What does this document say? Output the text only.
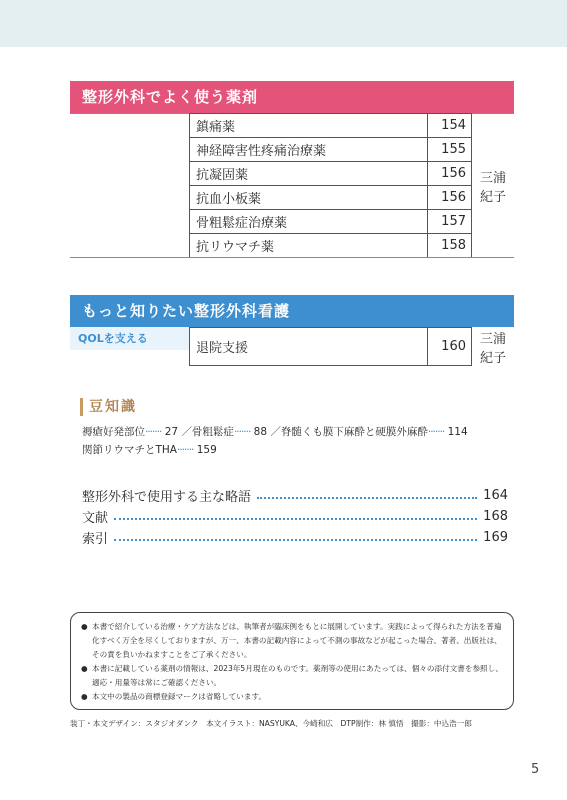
整形外科でよく使う薬剤
	鎮痛薬	154	三浦紀子
	神経障害性疼痛治療薬	155	
	抗凝固薬	156	
	抗血小板薬	156	
	骨粗鬆症治療薬	157	
	抗リウマチ薬	158	
もっと知りたい整形外科看護
QOLを支える
	退院支援	160	三浦紀子
豆知識
褥瘡好発部位······· 27 ／骨粗鬆症······· 88 ／脊髄くも膜下麻酔と硬膜外麻酔······· 114
関節リウマチとTHA······· 159
整形外科で使用する主な略語	164
文献	168
索引	169
● 本書で紹介している治療・ケア方法などは、執筆者が臨床例をもとに展開しています。実践によって得られた方法を普遍化すべく万全を尽くしておりますが、万一、本書の記載内容によって不測の事故などが起こった場合、著者、出版社は、その責を負いかねますことをご了承ください。
● 本書に記載している薬剤の情報は、2023年5月現在のものです。薬剤等の使用にあたっては、個々の添付文書を参照し、適応・用量等は常にご確認ください。
● 本文中の製品の商標登録マークは省略しています。
装丁・本文デザイン：スタジオダンク　本文イラスト：NASYUKA、今崎和広　DTP制作：林 慎悟　撮影：中込浩一郎
5
